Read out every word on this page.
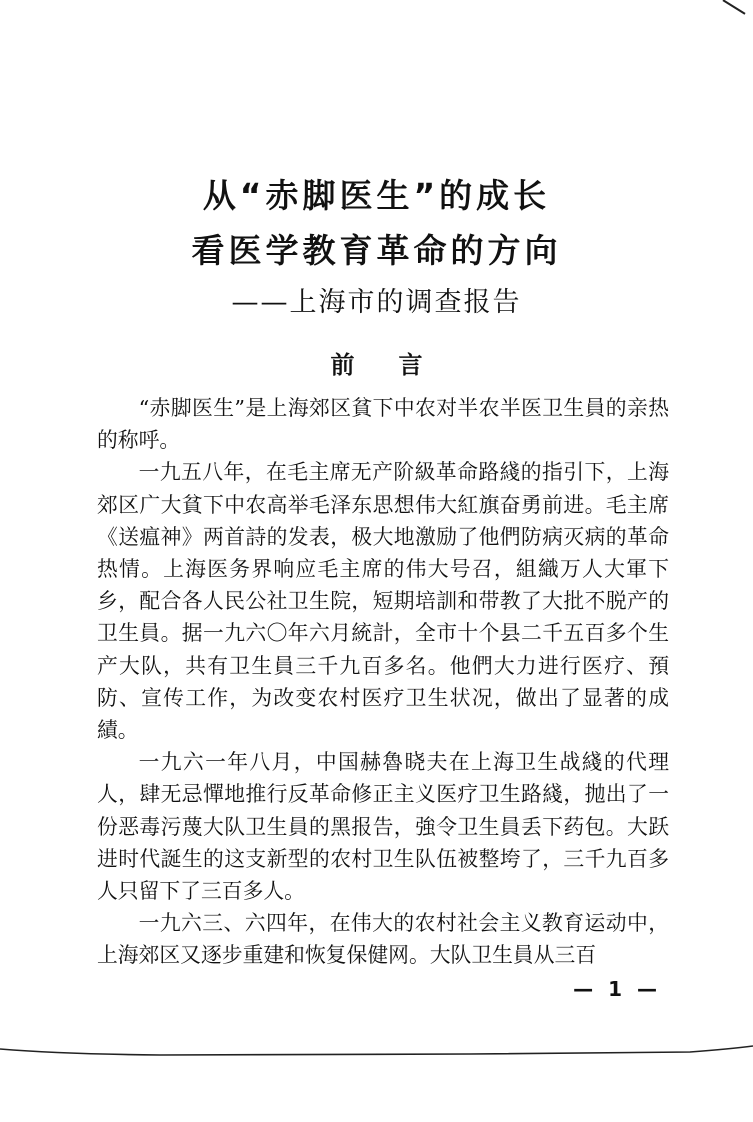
从“赤脚医生”的成长
看医学教育革命的方向
——上海市的调查报告
前言

“赤脚医生”是上海郊区貧下中农对半农半医卫生員的亲热的称呼。

一九五八年，在毛主席无产阶級革命路綫的指引下，上海郊区广大貧下中农高举毛泽东思想伟大紅旗奋勇前进。毛主席《送瘟神》两首詩的发表，极大地激励了他們防病灭病的革命热情。上海医务界响应毛主席的伟大号召，組織万人大軍下乡，配合各人民公社卫生院，短期培訓和带教了大批不脱产的卫生員。据一九六〇年六月統計，全市十个县二千五百多个生产大队，共有卫生員三千九百多名。他們大力进行医疗、預防、宣传工作，为改变农村医疗卫生状况，做出了显著的成績。

一九六一年八月，中国赫魯晓夫在上海卫生战綫的代理人，肆无忌憚地推行反革命修正主义医疗卫生路綫，抛出了一份恶毒污蔑大队卫生員的黑报告，強令卫生員丢下药包。大跃进时代誕生的这支新型的农村卫生队伍被整垮了，三千九百多人只留下了三百多人。

一九六三、六四年，在伟大的农村社会主义教育运动中，上海郊区又逐步重建和恢复保健网。大队卫生員从三百

— 1 —
